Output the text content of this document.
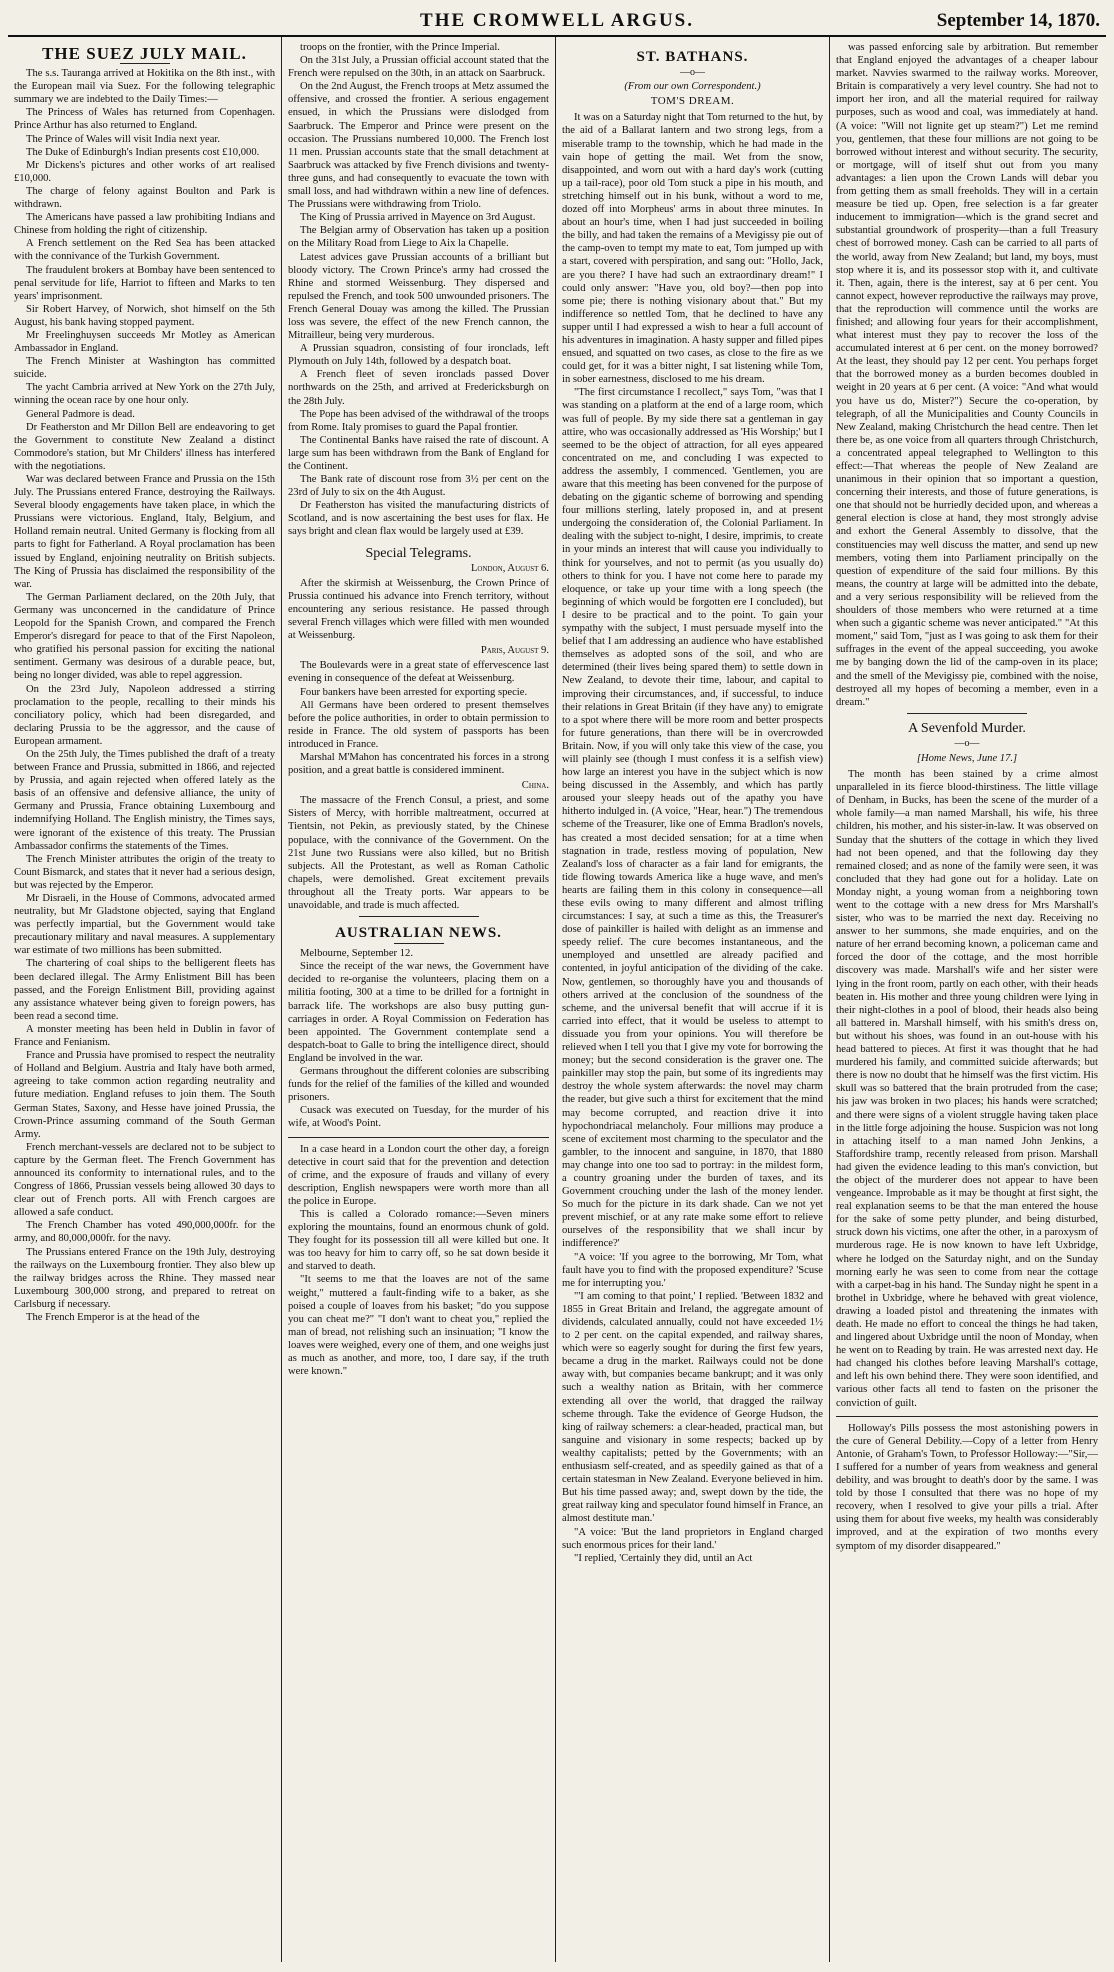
THE CROMWELL ARGUS.	September 14, 1870.
THE SUEZ JULY MAIL.

The s.s. Tauranga arrived at Hokitika on the 8th inst., with the European mail via Suez. For the following telegraphic summary we are indebted to the Daily Times:—

The Princess of Wales has returned from Copenhagen. Prince Arthur has also returned to England.

The Prince of Wales will visit India next year.

The Duke of Edinburgh's Indian presents cost £10,000.

Mr Dickens's pictures and other works of art realised £10,000.

The charge of felony against Boulton and Park is withdrawn.

The Americans have passed a law prohibiting Indians and Chinese from holding the right of citizenship.

A French settlement on the Red Sea has been attacked with the connivance of the Turkish Government.

The fraudulent brokers at Bombay have been sentenced to penal servitude for life, Harriot to fifteen and Marks to ten years' imprisonment.

Sir Robert Harvey, of Norwich, shot himself on the 5th August, his bank having stopped payment.

Mr Freelinghuysen succeeds Mr Motley as American Ambassador in England.

The French Minister at Washington has committed suicide.

The yacht Cambria arrived at New York on the 27th July, winning the ocean race by one hour only.

General Padmore is dead.

Dr Featherston and Mr Dillon Bell are endeavoring to get the Government to constitute New Zealand a distinct Commodore's station, but Mr Childers' illness has interfered with the negotiations.

War was declared between France and Prussia on the 15th July. The Prussians entered France, destroying the Railways. Several bloody engagements have taken place, in which the Prussians were victorious. England, Italy, Belgium, and Holland remain neutral. United Germany is flocking from all parts to fight for Fatherland. A Royal proclamation has been issued by England, enjoining neutrality on British subjects. The King of Prussia has disclaimed the responsibility of the war.

The German Parliament declared, on the 20th July, that Germany was unconcerned in the candidature of Prince Leopold for the Spanish Crown, and compared the French Emperor's disregard for peace to that of the First Napoleon, who gratified his personal passion for exciting the national sentiment. Germany was desirous of a durable peace, but, being no longer divided, was able to repel aggression.

On the 23rd July, Napoleon addressed a stirring proclamation to the people, recalling to their minds his conciliatory policy, which had been disregarded, and declaring Prussia to be the aggressor, and the cause of European armament.

On the 25th July, the Times published the draft of a treaty between France and Prussia, submitted in 1866, and rejected by Prussia, and again rejected when offered lately as the basis of an offensive and defensive alliance, the unity of Germany and Prussia, France obtaining Luxembourg and indemnifying Holland. The English ministry, the Times says, were ignorant of the existence of this treaty. The Prussian Ambassador confirms the statements of the Times.

The French Minister attributes the origin of the treaty to Count Bismarck, and states that it never had a serious design, but was rejected by the Emperor.

Mr Disraeli, in the House of Commons, advocated armed neutrality, but Mr Gladstone objected, saying that England was perfectly impartial, but the Government would take precautionary military and naval measures. A supplementary war estimate of two millions has been submitted.

The chartering of coal ships to the belligerent fleets has been declared illegal. The Army Enlistment Bill has been passed, and the Foreign Enlistment Bill, providing against any assistance whatever being given to foreign powers, has been read a second time.

A monster meeting has been held in Dublin in favor of France and Fenianism.

France and Prussia have promised to respect the neutrality of Holland and Belgium. Austria and Italy have both armed, agreeing to take common action regarding neutrality and future mediation. England refuses to join them. The South German States, Saxony, and Hesse have joined Prussia, the Crown-Prince assuming command of the South German Army.

French merchant-vessels are declared not to be subject to capture by the German fleet. The French Government has announced its conformity to international rules, and to the Congress of 1866, Prussian vessels being allowed 30 days to clear out of French ports. All with French cargoes are allowed a safe conduct.

The French Chamber has voted 490,000,000fr. for the army, and 80,000,000fr. for the navy.

The Prussians entered France on the 19th July, destroying the railways on the Luxembourg frontier. They also blew up the railway bridges across the Rhine. They massed near Luxembourg 300,000 strong, and prepared to retreat on Carlsburg if necessary.

The French Emperor is at the head of the

troops on the frontier, with the Prince Imperial.

On the 31st July, a Prussian official account stated that the French were repulsed on the 30th, in an attack on Saarbruck.

On the 2nd August, the French troops at Metz assumed the offensive, and crossed the frontier. A serious engagement ensued, in which the Prussians were dislodged from Saarbruck. The Emperor and Prince were present on the occasion. The Prussians numbered 10,000. The French lost 11 men. Prussian accounts state that the small detachment at Saarbruck was attacked by five French divisions and twenty-three guns, and had consequently to evacuate the town with small loss, and had withdrawn within a new line of defences. The Prussians were withdrawing from Triolo.

The King of Prussia arrived in Mayence on 3rd August.

The Belgian army of Observation has taken up a position on the Military Road from Liege to Aix la Chapelle.

Latest advices gave Prussian accounts of a brilliant but bloody victory. The Crown Prince's army had crossed the Rhine and stormed Weissenburg. They dispersed and repulsed the French, and took 500 unwounded prisoners. The French General Douay was among the killed. The Prussian loss was severe, the effect of the new French cannon, the Mitrailleur, being very murderous.

A Prussian squadron, consisting of four ironclads, left Plymouth on July 14th, followed by a despatch boat.

A French fleet of seven ironclads passed Dover northwards on the 25th, and arrived at Fredericksburgh on the 28th July.

The Pope has been advised of the withdrawal of the troops from Rome. Italy promises to guard the Papal frontier.

The Continental Banks have raised the rate of discount. A large sum has been withdrawn from the Bank of England for the Continent.

The Bank rate of discount rose from 3½ per cent on the 23rd of July to six on the 4th August.

Dr Featherston has visited the manufacturing districts of Scotland, and is now ascertaining the best uses for flax. He says bright and clean flax would be largely used at £39.

Special Telegrams.
London, August 6.

After the skirmish at Weissenburg, the Crown Prince of Prussia continued his advance into French territory, without encountering any serious resistance. He passed through several French villages which were filled with men wounded at Weissenburg.

Paris, August 9.

The Boulevards were in a great state of effervescence last evening in consequence of the defeat at Weissenburg.

Four bankers have been arrested for exporting specie.

All Germans have been ordered to present themselves before the police authorities, in order to obtain permission to reside in France. The old system of passports has been introduced in France.

Marshal M'Mahon has concentrated his forces in a strong position, and a great battle is considered imminent.

China.

The massacre of the French Consul, a priest, and some Sisters of Mercy, with horrible maltreatment, occurred at Tientsin, not Pekin, as previously stated, by the Chinese populace, with the connivance of the Government. On the 21st June two Russians were also killed, but no British subjects. All the Protestant, as well as Roman Catholic chapels, were demolished. Great excitement prevails throughout all the Treaty ports. War appears to be unavoidable, and trade is much affected.

AUSTRALIAN NEWS.

Melbourne, September 12.

Since the receipt of the war news, the Government have decided to re-organise the volunteers, placing them on a militia footing, 300 at a time to be drilled for a fortnight in barrack life. The workshops are also busy putting gun-carriages in order. A Royal Commission on Federation has been appointed. The Government contemplate send a despatch-boat to Galle to bring the intelligence direct, should England be involved in the war.

Germans throughout the different colonies are subscribing funds for the relief of the families of the killed and wounded prisoners.

Cusack was executed on Tuesday, for the murder of his wife, at Wood's Point.

In a case heard in a London court the other day, a foreign detective in court said that for the prevention and detection of crime, and the exposure of frauds and villany of every description, English newspapers were worth more than all the police in Europe.

This is called a Colorado romance:—Seven miners exploring the mountains, found an enormous chunk of gold. They fought for its possession till all were killed but one. It was too heavy for him to carry off, so he sat down beside it and starved to death.

"It seems to me that the loaves are not of the same weight," muttered a fault-finding wife to a baker, as she poised a couple of loaves from his basket; "do you suppose you can cheat me?" "I don't want to cheat you," replied the man of bread, not relishing such an insinuation; "I know the loaves were weighed, every one of them, and one weighs just as much as another, and more, too, I dare say, if the truth were known."

ST. BATHANS.
—o—
(From our own Correspondent.)
TOM'S DREAM.

It was on a Saturday night that Tom returned to the hut, by the aid of a Ballarat lantern and two strong legs, from a miserable tramp to the township, which he had made in the vain hope of getting the mail. Wet from the snow, disappointed, and worn out with a hard day's work (cutting up a tail-race), poor old Tom stuck a pipe in his mouth, and stretching himself out in his bunk, without a word to me, dozed off into Morpheus' arms in about three minutes. In about an hour's time, when I had just succeeded in boiling the billy, and had taken the remains of a Mevigissy pie out of the camp-oven to tempt my mate to eat, Tom jumped up with a start, covered with perspiration, and sang out: "Hollo, Jack, are you there? I have had such an extraordinary dream!" I could only answer: "Have you, old boy?—then pop into some pie; there is nothing visionary about that." But my indifference so nettled Tom, that he declined to have any supper until I had expressed a wish to hear a full account of his adventures in imagination. A hasty supper and filled pipes ensued, and squatted on two cases, as close to the fire as we could get, for it was a bitter night, I sat listening while Tom, in sober earnestness, disclosed to me his dream.

"The first circumstance I recollect," says Tom, "was that I was standing on a platform at the end of a large room, which was full of people. By my side there sat a gentleman in gay attire, who was occasionally addressed as 'His Worship;' but I seemed to be the object of attraction, for all eyes appeared concentrated on me, and concluding I was expected to address the assembly, I commenced. 'Gentlemen, you are aware that this meeting has been convened for the purpose of debating on the gigantic scheme of borrowing and spending four millions sterling, lately proposed in, and at present undergoing the consideration of, the Colonial Parliament. In dealing with the subject to-night, I desire, imprimis, to create in your minds an interest that will cause you individually to think for yourselves, and not to permit (as you usually do) others to think for you. I have not come here to parade my eloquence, or take up your time with a long speech (the beginning of which would be forgotten ere I concluded), but I desire to be practical and to the point. To gain your sympathy with the subject, I must persuade myself into the belief that I am addressing an audience who have established themselves as adopted sons of the soil, and who are determined (their lives being spared them) to settle down in New Zealand, to devote their time, labour, and capital to improving their circumstances, and, if successful, to induce their relations in Great Britain (if they have any) to emigrate to a spot where there will be more room and better prospects for future generations, than there will be in overcrowded Britain. Now, if you will only take this view of the case, you will plainly see (though I must confess it is a selfish view) how large an interest you have in the subject which is now being discussed in the Assembly, and which has partly aroused your sleepy heads out of the apathy you have hitherto indulged in. (A voice, "Hear, hear.") The tremendous scheme of the Treasurer, like one of Emma Bradlon's novels, has created a most decided sensation; for at a time when stagnation in trade, restless moving of population, New Zealand's loss of character as a fair land for emigrants, the tide flowing towards America like a huge wave, and men's hearts are failing them in this colony in consequence—all these evils owing to many different and almost trifling circumstances: I say, at such a time as this, the Treasurer's dose of painkiller is hailed with delight as an immense and speedy relief. The cure becomes instantaneous, and the unemployed and unsettled are already pacified and contented, in joyful anticipation of the dividing of the cake. Now, gentlemen, so thoroughly have you and thousands of others arrived at the conclusion of the soundness of the scheme, and the universal benefit that will accrue if it is carried into effect, that it would be useless to attempt to dissuade you from your opinions. You will therefore be relieved when I tell you that I give my vote for borrowing the money; but the second consideration is the graver one. The painkiller may stop the pain, but some of its ingredients may destroy the whole system afterwards: the novel may charm the reader, but give such a thirst for excitement that the mind may become corrupted, and reaction drive it into hypochondriacal melancholy. Four millions may produce a scene of excitement most charming to the speculator and the gambler, to the innocent and sanguine, in 1870, that 1880 may change into one too sad to portray: in the mildest form, a country groaning under the burden of taxes, and its Government crouching under the lash of the money lender. So much for the picture in its dark shade. Can we not yet prevent mischief, or at any rate make some effort to relieve ourselves of the responsibility that we shall incur by indifference?'

"A voice: 'If you agree to the borrowing, Mr Tom, what fault have you to find with the proposed expenditure? 'Scuse me for interrupting you.'

"'I am coming to that point,' I replied. 'Between 1832 and 1855 in Great Britain and Ireland, the aggregate amount of dividends, calculated annually, could not have exceeded 1½ to 2 per cent. on the capital expended, and railway shares, which were so eagerly sought for during the first few years, became a drug in the market. Railways could not be done away with, but companies became bankrupt; and it was only such a wealthy nation as Britain, with her commerce extending all over the world, that dragged the railway scheme through. Take the evidence of George Hudson, the king of railway schemers: a clear-headed, practical man, but sanguine and visionary in some respects; backed up by wealthy capitalists; petted by the Governments; with an enthusiasm self-created, and as speedily gained as that of a certain statesman in New Zealand. Everyone believed in him. But his time passed away; and, swept down by the tide, the great railway king and speculator found himself in France, an almost destitute man.'

"A voice: 'But the land proprietors in England charged such enormous prices for their land.'

"I replied, 'Certainly they did, until an Act

was passed enforcing sale by arbitration. But remember that England enjoyed the advantages of a cheaper labour market. Navvies swarmed to the railway works. Moreover, Britain is comparatively a very level country. She had not to import her iron, and all the material required for railway purposes, such as wood and coal, was immediately at hand. (A voice: "Will not lignite get up steam?") Let me remind you, gentlemen, that these four millions are not going to be borrowed without interest and without security. The security, or mortgage, will of itself shut out from you many advantages: a lien upon the Crown Lands will debar you from getting them as small freeholds. They will in a certain measure be tied up. Open, free selection is a far greater inducement to immigration—which is the grand secret and substantial groundwork of prosperity—than a full Treasury chest of borrowed money. Cash can be carried to all parts of the world, away from New Zealand; but land, my boys, must stop where it is, and its possessor stop with it, and cultivate it. Then, again, there is the interest, say at 6 per cent. You cannot expect, however reproductive the railways may prove, that the reproduction will commence until the works are finished; and allowing four years for their accomplishment, what interest must they pay to recover the loss of the accumulated interest at 6 per cent. on the money borrowed? At the least, they should pay 12 per cent. You perhaps forget that the borrowed money as a burden becomes doubled in weight in 20 years at 6 per cent. (A voice: "And what would you have us do, Mister?") Secure the co-operation, by telegraph, of all the Municipalities and County Councils in New Zealand, making Christchurch the head centre. Then let there be, as one voice from all quarters through Christchurch, a concentrated appeal telegraphed to Wellington to this effect:—That whereas the people of New Zealand are unanimous in their opinion that so important a question, concerning their interests, and those of future generations, is one that should not be hurriedly decided upon, and whereas a general election is close at hand, they most strongly advise and exhort the General Assembly to dissolve, that the constituencies may well discuss the matter, and send up new members, voting them into Parliament principally on the question of expenditure of the said four millions. By this means, the country at large will be admitted into the debate, and a very serious responsibility will be relieved from the shoulders of those members who were returned at a time when such a gigantic scheme was never anticipated." "At this moment," said Tom, "just as I was going to ask them for their suffrages in the event of the appeal succeeding, you awoke me by banging down the lid of the camp-oven in its place; and the smell of the Mevigissy pie, combined with the noise, destroyed all my hopes of becoming a member, even in a dream."

A Sevenfold Murder.
—o—
[Home News, June 17.]

The month has been stained by a crime almost unparalleled in its fierce blood-thirstiness. The little village of Denham, in Bucks, has been the scene of the murder of a whole family—a man named Marshall, his wife, his three children, his mother, and his sister-in-law. It was observed on Sunday that the shutters of the cottage in which they lived had not been opened, and that the following day they remained closed; and as none of the family were seen, it was concluded that they had gone out for a holiday. Late on Monday night, a young woman from a neighboring town went to the cottage with a new dress for Mrs Marshall's sister, who was to be married the next day. Receiving no answer to her summons, she made enquiries, and on the nature of her errand becoming known, a policeman came and forced the door of the cottage, and the most horrible discovery was made. Marshall's wife and her sister were lying in the front room, partly on each other, with their heads beaten in. His mother and three young children were lying in their night-clothes in a pool of blood, their heads also being all battered in. Marshall himself, with his smith's dress on, but without his shoes, was found in an out-house with his head battered to pieces. At first it was thought that he had murdered his family, and committed suicide afterwards; but there is now no doubt that he himself was the first victim. His skull was so battered that the brain protruded from the case; his jaw was broken in two places; his hands were scratched; and there were signs of a violent struggle having taken place in the little forge adjoining the house. Suspicion was not long in attaching itself to a man named John Jenkins, a Staffordshire tramp, recently released from prison. Marshall had given the evidence leading to this man's conviction, but the object of the murderer does not appear to have been vengeance. Improbable as it may be thought at first sight, the real explanation seems to be that the man entered the house for the sake of some petty plunder, and being disturbed, struck down his victims, one after the other, in a paroxysm of murderous rage. He is now known to have left Uxbridge, where he lodged on the Saturday night, and on the Sunday morning early he was seen to come from near the cottage with a carpet-bag in his hand. The Sunday night he spent in a brothel in Uxbridge, where he behaved with great violence, drawing a loaded pistol and threatening the inmates with death. He made no effort to conceal the things he had taken, and lingered about Uxbridge until the noon of Monday, when he went on to Reading by train. He was arrested next day. He had changed his clothes before leaving Marshall's cottage, and left his own behind there. They were soon identified, and various other facts all tend to fasten on the prisoner the conviction of guilt.

Holloway's Pills possess the most astonishing powers in the cure of General Debility.—Copy of a letter from Henry Antonie, of Graham's Town, to Professor Holloway:—"Sir,—I suffered for a number of years from weakness and general debility, and was brought to death's door by the same. I was told by those I consulted that there was no hope of my recovery, when I resolved to give your pills a trial. After using them for about five weeks, my health was considerably improved, and at the expiration of two months every symptom of my disorder disappeared."
